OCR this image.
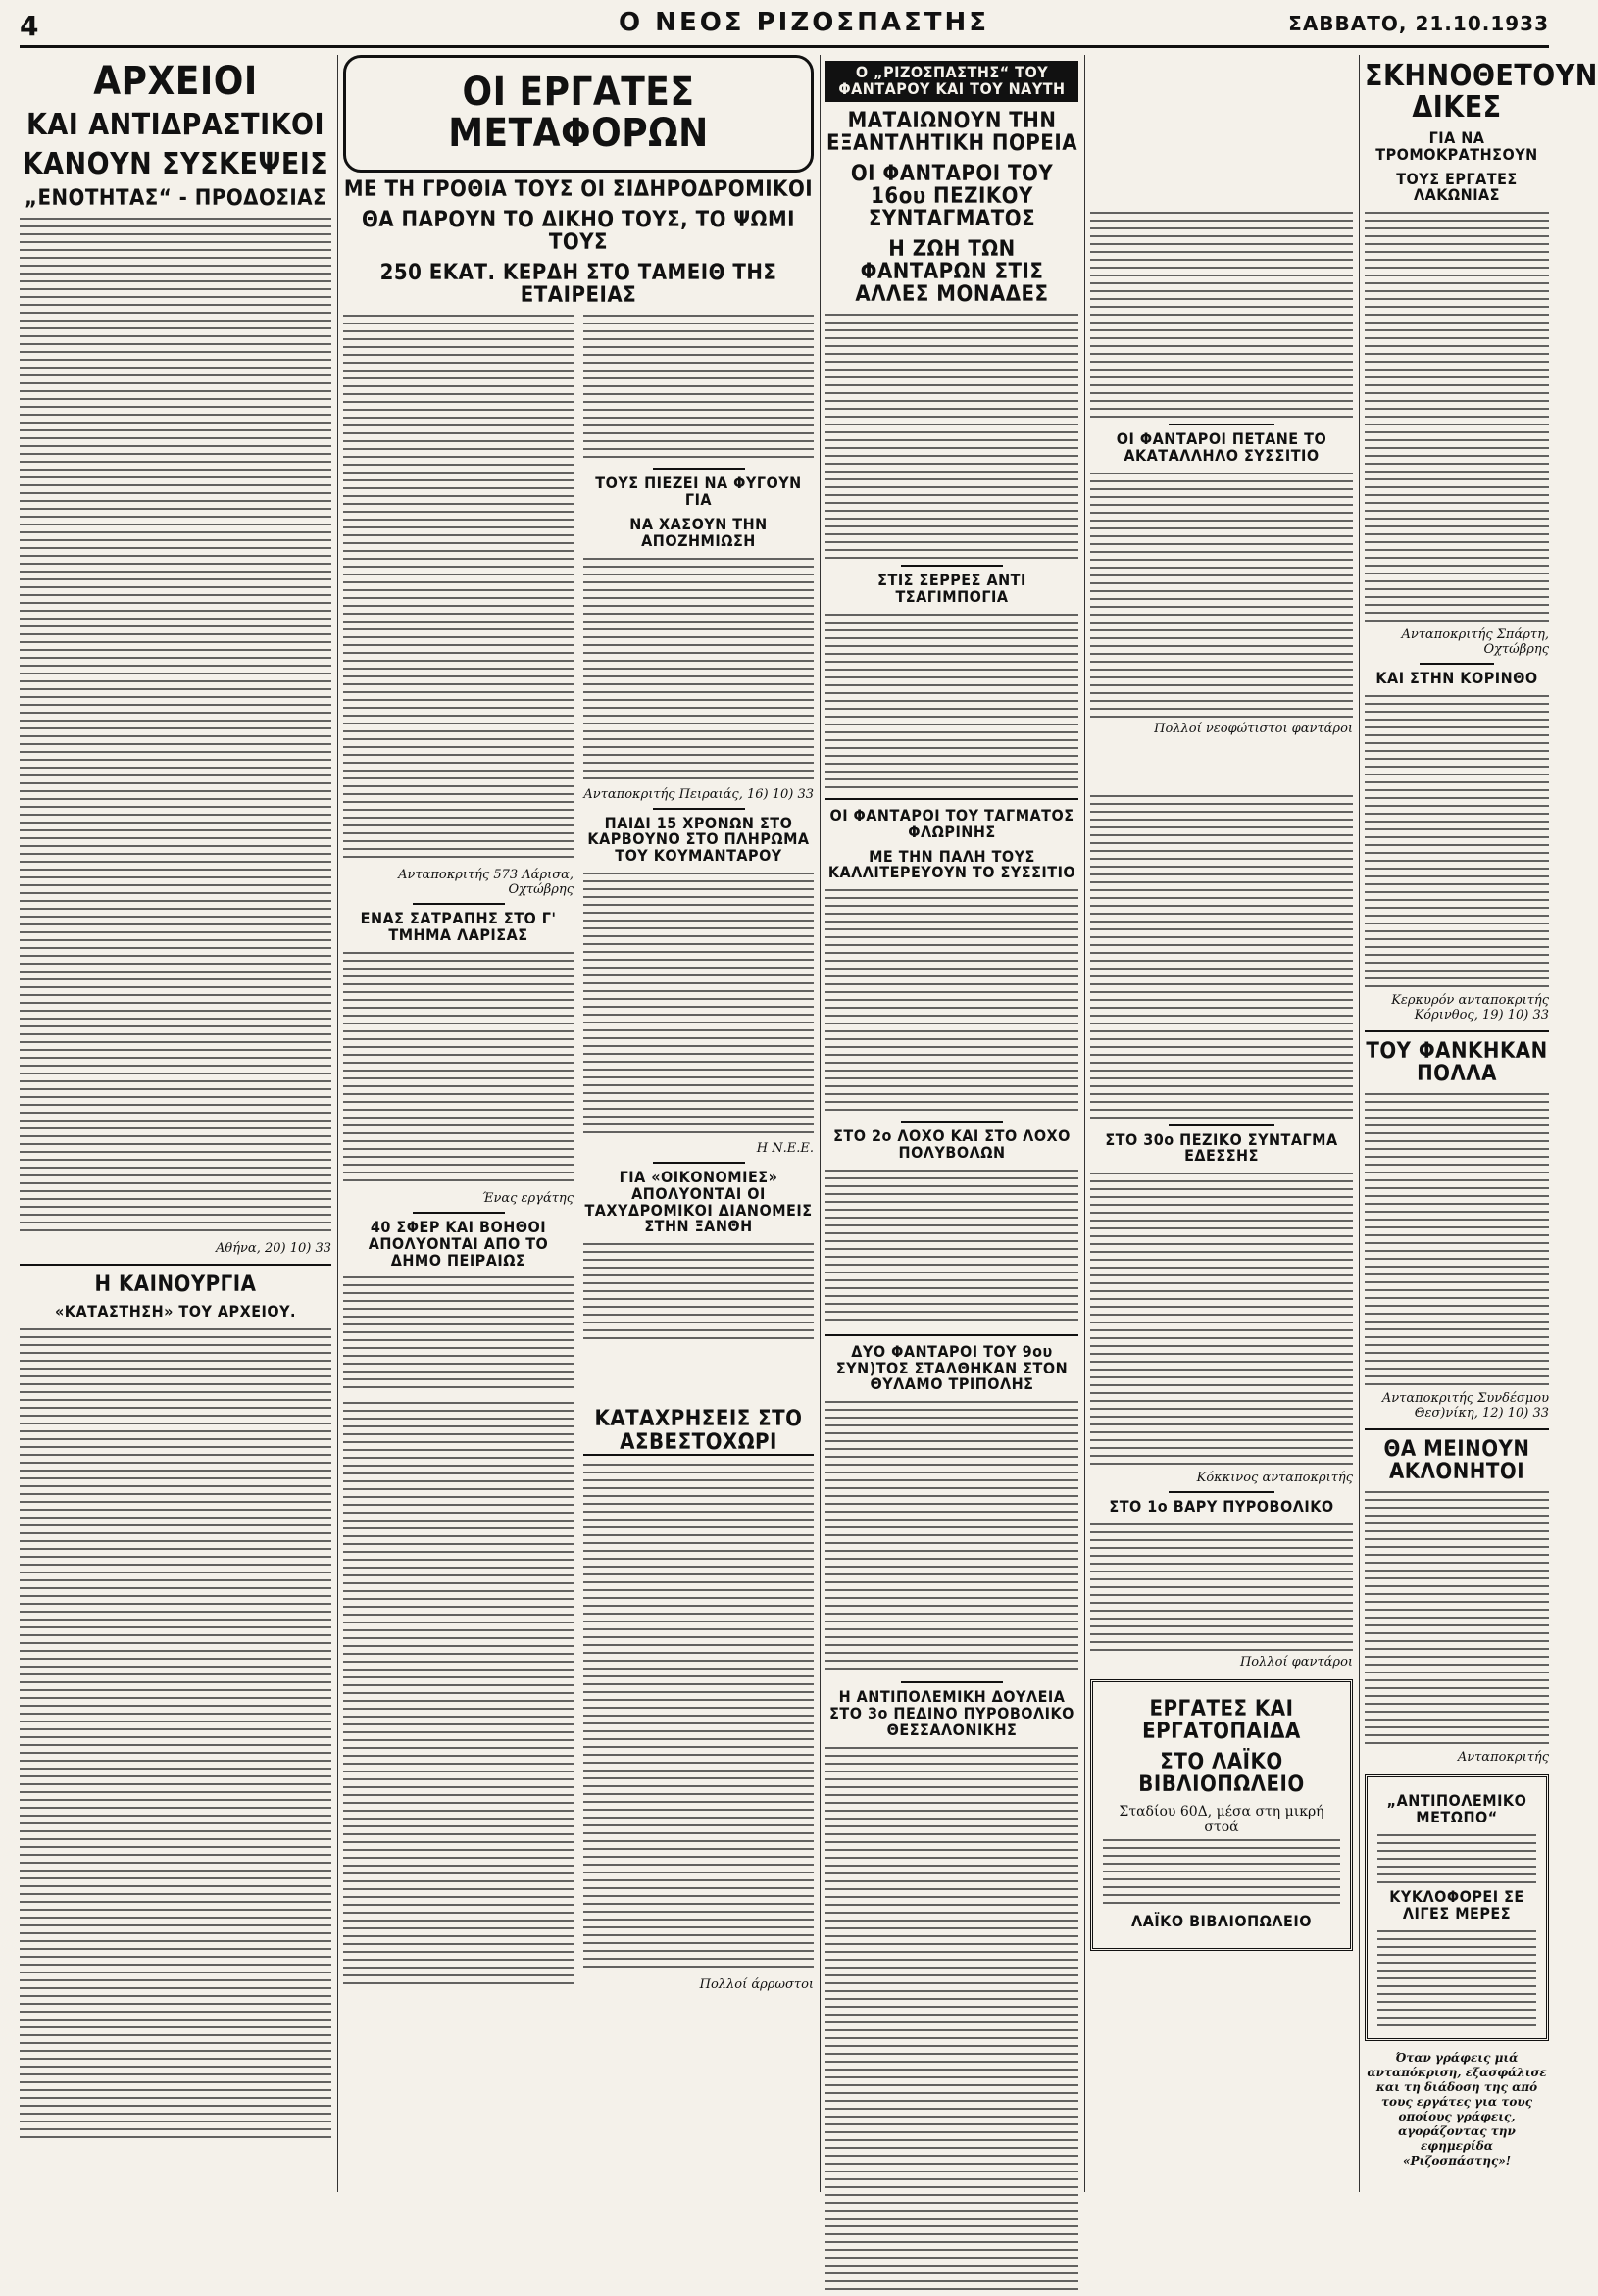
4	Ο ΝΕΟΣ ΡΙΖΟΣΠΑΣΤΗΣ	ΣΑΒΒΑΤΟ, 21.10.1933
ΑΡΧΕΙΟΙ
ΚΑΙ ΑΝΤΙΔΡΑΣΤΙΚΟΙ
ΚΑΝΟΥΝ ΣΥΣΚΕΨΕΙΣ
„ΕΝΟΤΗΤΑΣ“ - ΠΡΟΔΟΣΙΑΣ
Αθήνα, 20) 10) 33
Η ΚΑΙΝΟΥΡΓΙΑ
«ΚΑΤΑΣΤΗΣΗ» ΤΟΥ ΑΡΧΕΙΟΥ.
ΟΙ ΕΡΓΑΤΕΣ ΜΕΤΑΦΟΡΩΝ
ΜΕ ΤΗ ΓΡΟΘΙΑ ΤΟΥΣ ΟΙ ΣΙΔΗΡΟΔΡΟΜΙΚΟΙ
ΘΑ ΠΑΡΟΥΝ ΤΟ ΔΙΚΗΟ ΤΟΥΣ, ΤΟ ΨΩΜΙ ΤΟΥΣ
250 ΕΚΑΤ. ΚΕΡΔΗ ΣΤΟ ΤΑΜΕΙΘ ΤΗΣ ΕΤΑΙΡΕΙΑΣ
Ανταποκριτής 573 Λάρισα, Οχτώβρης
ΕΝΑΣ ΣΑΤΡΑΠΗΣ ΣΤΟ Γ' ΤΜΗΜΑ ΛΑΡΙΣΑΣ
Ένας εργάτης
40 ΣΦΕΡ ΚΑΙ ΒΟΗΘΟΙ ΑΠΟΛΥΟΝΤΑΙ ΑΠΟ ΤΟ ΔΗΜΟ ΠΕΙΡΑΙΩΣ
ΤΟΥΣ ΠΙΕΖΕΙ ΝΑ ΦΥΓΟΥΝ ΓΙΑ
ΝΑ ΧΑΣΟΥΝ ΤΗΝ ΑΠΟΖΗΜΙΩΣΗ
Ανταποκριτής Πειραιάς, 16) 10) 33
ΠΑΙΔΙ 15 ΧΡΟΝΩΝ ΣΤΟ ΚΑΡΒΟΥΝΟ ΣΤΟ ΠΛΗΡΩΜΑ ΤΟΥ ΚΟΥΜΑΝΤΑΡΟΥ
Η Ν.Ε.Ε.
ΓΙΑ «ΟΙΚΟΝΟΜΙΕΣ» ΑΠΟΛΥΟΝΤΑΙ ΟΙ ΤΑΧΥΔΡΟΜΙΚΟΙ ΔΙΑΝΟΜΕΙΣ ΣΤΗΝ ΞΑΝΘΗ
ΚΑΤΑΧΡΗΣΕΙΣ ΣΤΟ ΑΣΒΕΣΤΟΧΩΡΙ
Πολλοί άρρωστοι
Ο „ΡΙΖΟΣΠΑΣΤΗΣ“ ΤΟΥ ΦΑΝΤΑΡΟΥ ΚΑΙ ΤΟΥ ΝΑΥΤΗ
ΜΑΤΑΙΩΝΟΥΝ ΤΗΝ ΕΞΑΝΤΛΗΤΙΚΗ ΠΟΡΕΙΑ
ΟΙ ΦΑΝΤΑΡΟΙ ΤΟΥ 16ου ΠΕΖΙΚΟΥ ΣΥΝΤΑΓΜΑΤΟΣ
Η ΖΩΗ ΤΩΝ ΦΑΝΤΑΡΩΝ ΣΤΙΣ ΑΛΛΕΣ ΜΟΝΑΔΕΣ
ΣΤΙΣ ΣΕΡΡΕΣ ΑΝΤΙ ΤΣΑΓΙΜΠΟΓΙΑ
ΟΙ ΦΑΝΤΑΡΟΙ ΤΟΥ ΤΑΓΜΑΤΟΣ ΦΛΩΡΙΝΗΣ
ΜΕ ΤΗΝ ΠΑΛΗ ΤΟΥΣ ΚΑΛΛΙΤΕΡΕΥΟΥΝ ΤΟ ΣΥΣΣΙΤΙΟ
ΣΤΟ 2ο ΛΟΧΟ ΚΑΙ ΣΤΟ ΛΟΧΟ ΠΟΛΥΒΟΛΩΝ
ΔΥΟ ΦΑΝΤΑΡΟΙ ΤΟΥ 9ου ΣΥΝ)ΤΟΣ ΣΤΑΛΘΗΚΑΝ ΣΤΟΝ ΘΥΛΑΜΟ ΤΡΙΠΟΛΗΣ
Η ΑΝΤΙΠΟΛΕΜΙΚΗ ΔΟΥΛΕΙΑ ΣΤΟ 3ο ΠΕΔΙΝΟ ΠΥΡΟΒΟΛΙΚΟ ΘΕΣΣΑΛΟΝΙΚΗΣ
ΟΙ ΦΑΝΤΑΡΟΙ ΠΕΤΑΝΕ ΤΟ ΑΚΑΤΑΛΛΗΛΟ ΣΥΣΣΙΤΙΟ
Πολλοί νεοφώτιστοι φαντάροι
ΣΤΟ 30ο ΠΕΖΙΚΟ ΣΥΝΤΑΓΜΑ ΕΔΕΣΣΗΣ
Κόκκινος ανταποκριτής
ΣΤΟ 1ο ΒΑΡΥ ΠΥΡΟΒΟΛΙΚΟ
Πολλοί φαντάροι
ΕΡΓΑΤΕΣ ΚΑΙ ΕΡΓΑΤΟΠΑΙΔΑ
ΣΤΟ ΛΑΪΚΟ ΒΙΒΛΙΟΠΩΛΕΙΟ
Σταδίου 60Δ, μέσα στη μικρή στοά
ΛΑΪΚΟ ΒΙΒΛΙΟΠΩΛΕΙΟ
ΣΚΗΝΟΘΕΤΟΥΝ ΔΙΚΕΣ
ΓΙΑ ΝΑ ΤΡΟΜΟΚΡΑΤΗΣΟΥΝ
ΤΟΥΣ ΕΡΓΑΤΕΣ ΛΑΚΩΝΙΑΣ
Ανταποκριτής Σπάρτη, Οχτώβρης
ΚΑΙ ΣΤΗΝ ΚΟΡΙΝΘΟ
Κερκυρόν ανταποκριτής Κόρινθος, 19) 10) 33
ΤΟΥ ΦΑΝΚΗΚΑΝ ΠΟΛΛΑ
Ανταποκριτής Συνδέσμου Θεσ)νίκη, 12) 10) 33
ΘΑ ΜΕΙΝΟΥΝ ΑΚΛΟΝΗΤΟΙ
Ανταποκριτής
„ΑΝΤΙΠΟΛΕΜΙΚΟ ΜΕΤΩΠΟ“
ΚΥΚΛΟΦΟΡΕΙ ΣΕ ΛΙΓΕΣ ΜΕΡΕΣ
Όταν γράφεις μιά ανταπόκριση, εξασφάλισε και τη διάδοση της από τους εργάτες για τους οποίους γράφεις, αγοράζοντας την εφημερίδα «Ριζοσπάστης»!
